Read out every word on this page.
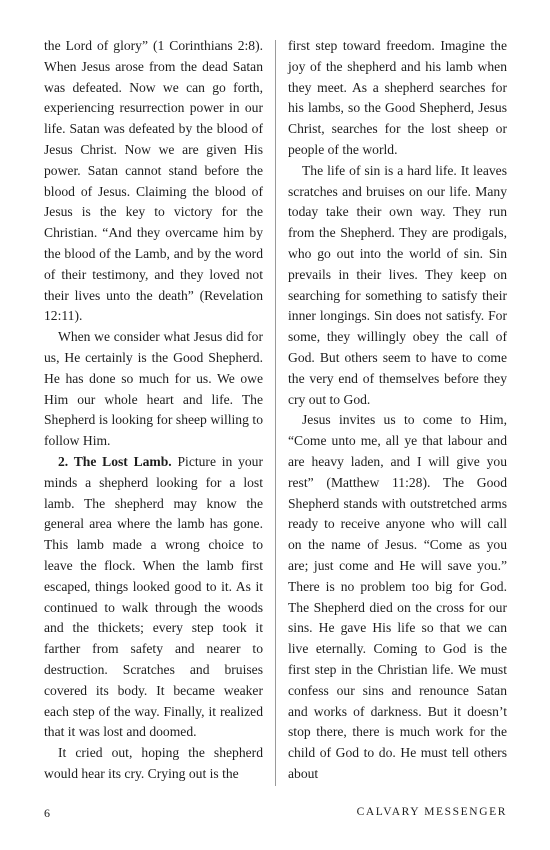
the Lord of glory” (1 Corinthians 2:8). When Jesus arose from the dead Satan was defeated. Now we can go forth, experiencing resurrection power in our life. Satan was defeated by the blood of Jesus Christ. Now we are given His power. Satan cannot stand before the blood of Jesus. Claiming the blood of Jesus is the key to victory for the Christian. “And they overcame him by the blood of the Lamb, and by the word of their testimony, and they loved not their lives unto the death” (Revelation 12:11).

When we consider what Jesus did for us, He certainly is the Good Shepherd. He has done so much for us. We owe Him our whole heart and life. The Shepherd is looking for sheep willing to follow Him.

2. The Lost Lamb. Picture in your minds a shepherd looking for a lost lamb. The shepherd may know the general area where the lamb has gone. This lamb made a wrong choice to leave the flock. When the lamb first escaped, things looked good to it. As it continued to walk through the woods and the thickets; every step took it farther from safety and nearer to destruction. Scratches and bruises covered its body. It became weaker each step of the way. Finally, it realized that it was lost and doomed.

It cried out, hoping the shepherd would hear its cry. Crying out is the

first step toward freedom. Imagine the joy of the shepherd and his lamb when they meet. As a shepherd searches for his lambs, so the Good Shepherd, Jesus Christ, searches for the lost sheep or people of the world.

The life of sin is a hard life. It leaves scratches and bruises on our life. Many today take their own way. They run from the Shepherd. They are prodigals, who go out into the world of sin. Sin prevails in their lives. They keep on searching for something to satisfy their inner longings. Sin does not satisfy. For some, they willingly obey the call of God. But others seem to have to come the very end of themselves before they cry out to God.

Jesus invites us to come to Him, “Come unto me, all ye that labour and are heavy laden, and I will give you rest” (Matthew 11:28). The Good Shepherd stands with outstretched arms ready to receive anyone who will call on the name of Jesus. “Come as you are; just come and He will save you.” There is no problem too big for God. The Shepherd died on the cross for our sins. He gave His life so that we can live eternally. Coming to God is the first step in the Christian life. We must confess our sins and renounce Satan and works of darkness. But it doesn’t stop there, there is much work for the child of God to do. He must tell others about

6	CALVARY MESSENGER
